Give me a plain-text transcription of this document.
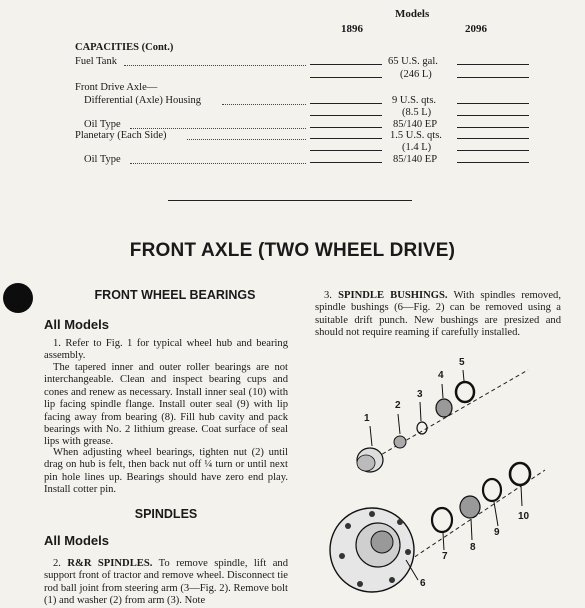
Models
1896	2096
CAPACITIES (Cont.)
Fuel Tank	65 U.S. gal.
(246 L)
Front Drive Axle—
Differential (Axle) Housing	9 U.S. qts.
(8.5 L)
Oil Type	85/140 EP
Planetary (Each Side)	1.5 U.S. qts.
(1.4 L)
Oil Type	85/140 EP
FRONT AXLE (TWO WHEEL DRIVE)
FRONT WHEEL BEARINGS
All Models
1. Refer to Fig. 1 for typical wheel hub and bearing assembly.
The tapered inner and outer roller bearings are not interchangeable. Clean and inspect bearing cups and cones and renew as necessary. Install inner seal (10) with lip facing spindle flange. Install outer seal (9) with lip facing away from bearing (8). Fill hub cavity and pack bearings with No. 2 lithium grease. Coat surface of seal lips with grease.
When adjusting wheel bearings, tighten nut (2) until drag on hub is felt, then back nut off ¼ turn or until next pin hole lines up. Bearings should have zero end play. Install cotter pin.
SPINDLES
All Models
2. R&R SPINDLES. To remove spindle, lift and support front of tractor and remove wheel. Disconnect tie rod ball joint from steering arm (3—Fig. 2). Remove bolt (1) and washer (2) from arm (3). Note
3. SPINDLE BUSHINGS. With spindles removed, spindle bushings (6—Fig. 2) can be removed using a suitable drift punch. New bushings are presized and should not require reaming if carefully installed.
1
2
3
4
5
6
7
8
9
10
